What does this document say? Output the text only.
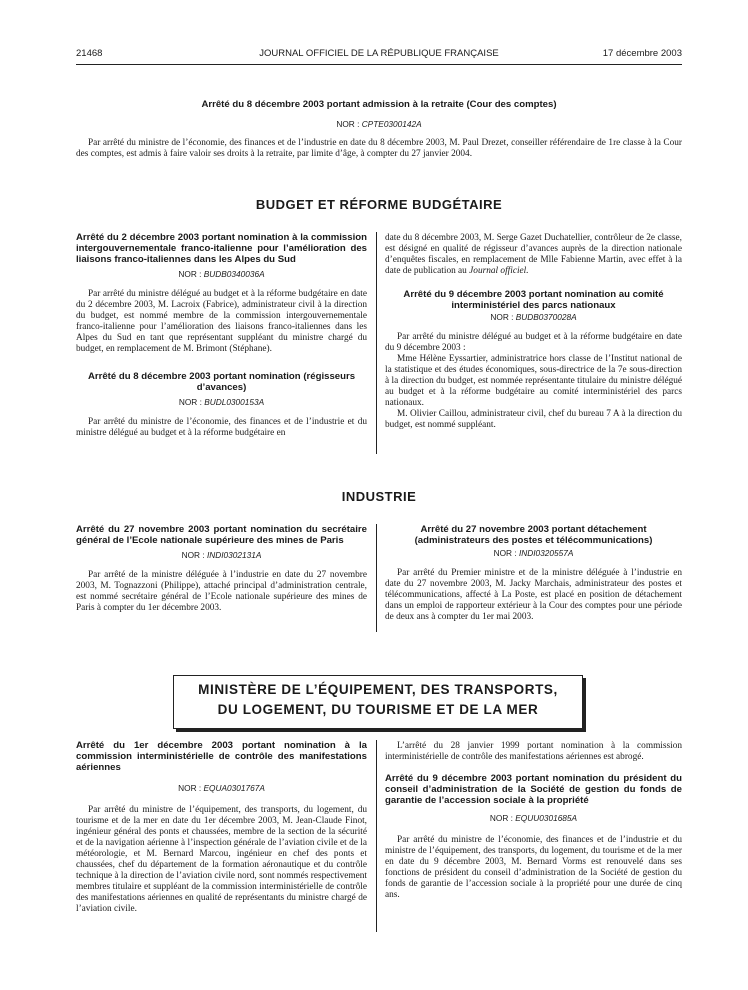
21468	JOURNAL OFFICIEL DE LA RÉPUBLIQUE FRANÇAISE	17 décembre 2003
Arrêté du 8 décembre 2003 portant admission à la retraite (Cour des comptes)
NOR : CPTE0300142A

Par arrêté du ministre de l’économie, des finances et de l’industrie en date du 8 décembre 2003, M. Paul Drezet, conseiller référendaire de 1re classe à la Cour des comptes, est admis à faire valoir ses droits à la retraite, par limite d’âge, à compter du 27 janvier 2004.

BUDGET ET RÉFORME BUDGÉTAIRE
Arrêté du 2 décembre 2003 portant nomination à la commission intergouvernementale franco-italienne pour l’amélioration des liaisons franco-italiennes dans les Alpes du Sud
NOR : BUDB0340036A

Par arrêté du ministre délégué au budget et à la réforme budgétaire en date du 2 décembre 2003, M. Lacroix (Fabrice), administrateur civil à la direction du budget, est nommé membre de la commission intergouvernementale franco-italienne pour l’amélioration des liaisons franco-italiennes dans les Alpes du Sud en tant que représentant suppléant du ministre chargé du budget, en remplacement de M. Brimont (Stéphane).

Arrêté du 8 décembre 2003 portant nomination (régisseurs d’avances)
NOR : BUDL0300153A

Par arrêté du ministre de l’économie, des finances et de l’industrie et du ministre délégué au budget et à la réforme budgétaire en

date du 8 décembre 2003, M. Serge Gazet Duchatellier, contrôleur de 2e classe, est désigné en qualité de régisseur d’avances auprès de la direction nationale d’enquêtes fiscales, en remplacement de Mlle Fabienne Martin, avec effet à la date de publication au Journal officiel.

Arrêté du 9 décembre 2003 portant nomination au comité interministériel des parcs nationaux
NOR : BUDB0370028A

Par arrêté du ministre délégué au budget et à la réforme budgétaire en date du 9 décembre 2003 :

Mme Hélène Eyssartier, administratrice hors classe de l’Institut national de la statistique et des études économiques, sous-directrice de la 7e sous-direction à la direction du budget, est nommée représentante titulaire du ministre délégué au budget et à la réforme budgétaire au comité interministériel des parcs nationaux.

M. Olivier Caillou, administrateur civil, chef du bureau 7 A à la direction du budget, est nommé suppléant.

INDUSTRIE
Arrêté du 27 novembre 2003 portant nomination du secrétaire général de l’Ecole nationale supérieure des mines de Paris
NOR : INDI0302131A

Par arrêté de la ministre déléguée à l’industrie en date du 27 novembre 2003, M. Tognazzoni (Philippe), attaché principal d’administration centrale, est nommé secrétaire général de l’Ecole nationale supérieure des mines de Paris à compter du 1er décembre 2003.

Arrêté du 27 novembre 2003 portant détachement (administrateurs des postes et télécommunications)
NOR : INDI0320557A

Par arrêté du Premier ministre et de la ministre déléguée à l’industrie en date du 27 novembre 2003, M. Jacky Marchais, administrateur des postes et télécommunications, affecté à La Poste, est placé en position de détachement dans un emploi de rapporteur extérieur à la Cour des comptes pour une période de deux ans à compter du 1er mai 2003.

MINISTÈRE DE L’ÉQUIPEMENT, DES TRANSPORTS,
DU LOGEMENT, DU TOURISME ET DE LA MER
Arrêté du 1er décembre 2003 portant nomination à la commission interministérielle de contrôle des manifestations aériennes
NOR : EQUA0301767A

Par arrêté du ministre de l’équipement, des transports, du logement, du tourisme et de la mer en date du 1er décembre 2003, M. Jean-Claude Finot, ingénieur général des ponts et chaussées, membre de la section de la sécurité et de la navigation aérienne à l’inspection générale de l’aviation civile et de la météorologie, et M. Bernard Marcou, ingénieur en chef des ponts et chaussées, chef du département de la formation aéronautique et du contrôle technique à la direction de l’aviation civile nord, sont nommés respectivement membres titulaire et suppléant de la commission interministérielle de contrôle des manifestations aériennes en qualité de représentants du ministre chargé de l’aviation civile.

L’arrêté du 28 janvier 1999 portant nomination à la commission interministérielle de contrôle des manifestations aériennes est abrogé.

Arrêté du 9 décembre 2003 portant nomination du président du conseil d’administration de la Société de gestion du fonds de garantie de l’accession sociale à la propriété
NOR : EQUU0301685A

Par arrêté du ministre de l’économie, des finances et de l’industrie et du ministre de l’équipement, des transports, du logement, du tourisme et de la mer en date du 9 décembre 2003, M. Bernard Vorms est renouvelé dans ses fonctions de président du conseil d’administration de la Société de gestion du fonds de garantie de l’accession sociale à la propriété pour une durée de cinq ans.
